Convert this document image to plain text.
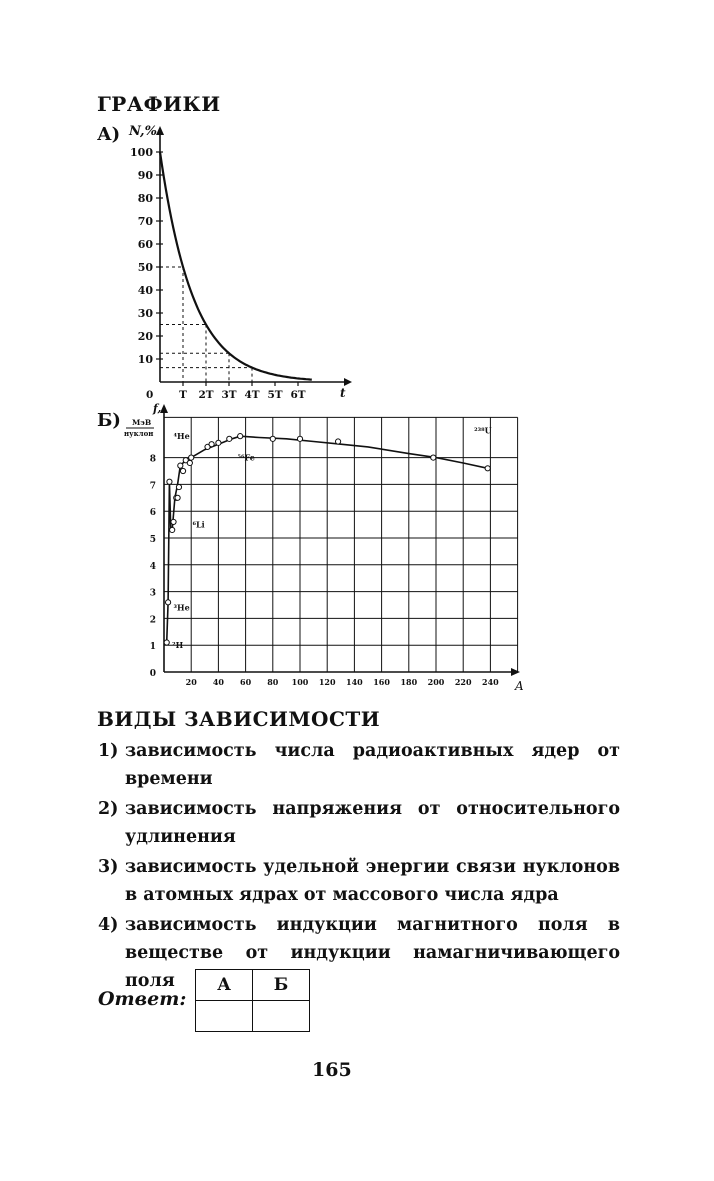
ГРАФИКИ
А)
10
20
30
40
50
60
70
80
90
100
0 T 2T 3T 4T 5T 6T
N,%
t
Б)
f,
МэВ
нуклон
0
1
2
3
4
5
6
7
8
20 40 60 80 100 120 140 160 180 200 220 240
²H
³He
⁴He
⁶Li
⁵⁶Fe
²³⁸U
A
ВИДЫ ЗАВИСИМОСТИ
1) зависимость числа радиоактивных ядер от времени
2) зависимость напряжения от относительного удлинения
3) зависимость удельной энергии связи нуклонов в атомных ядрах от массового числа ядра
4) зависимость индукции магнитного поля в веществе от индукции намагничивающего поля
Ответ:
А	Б

165
